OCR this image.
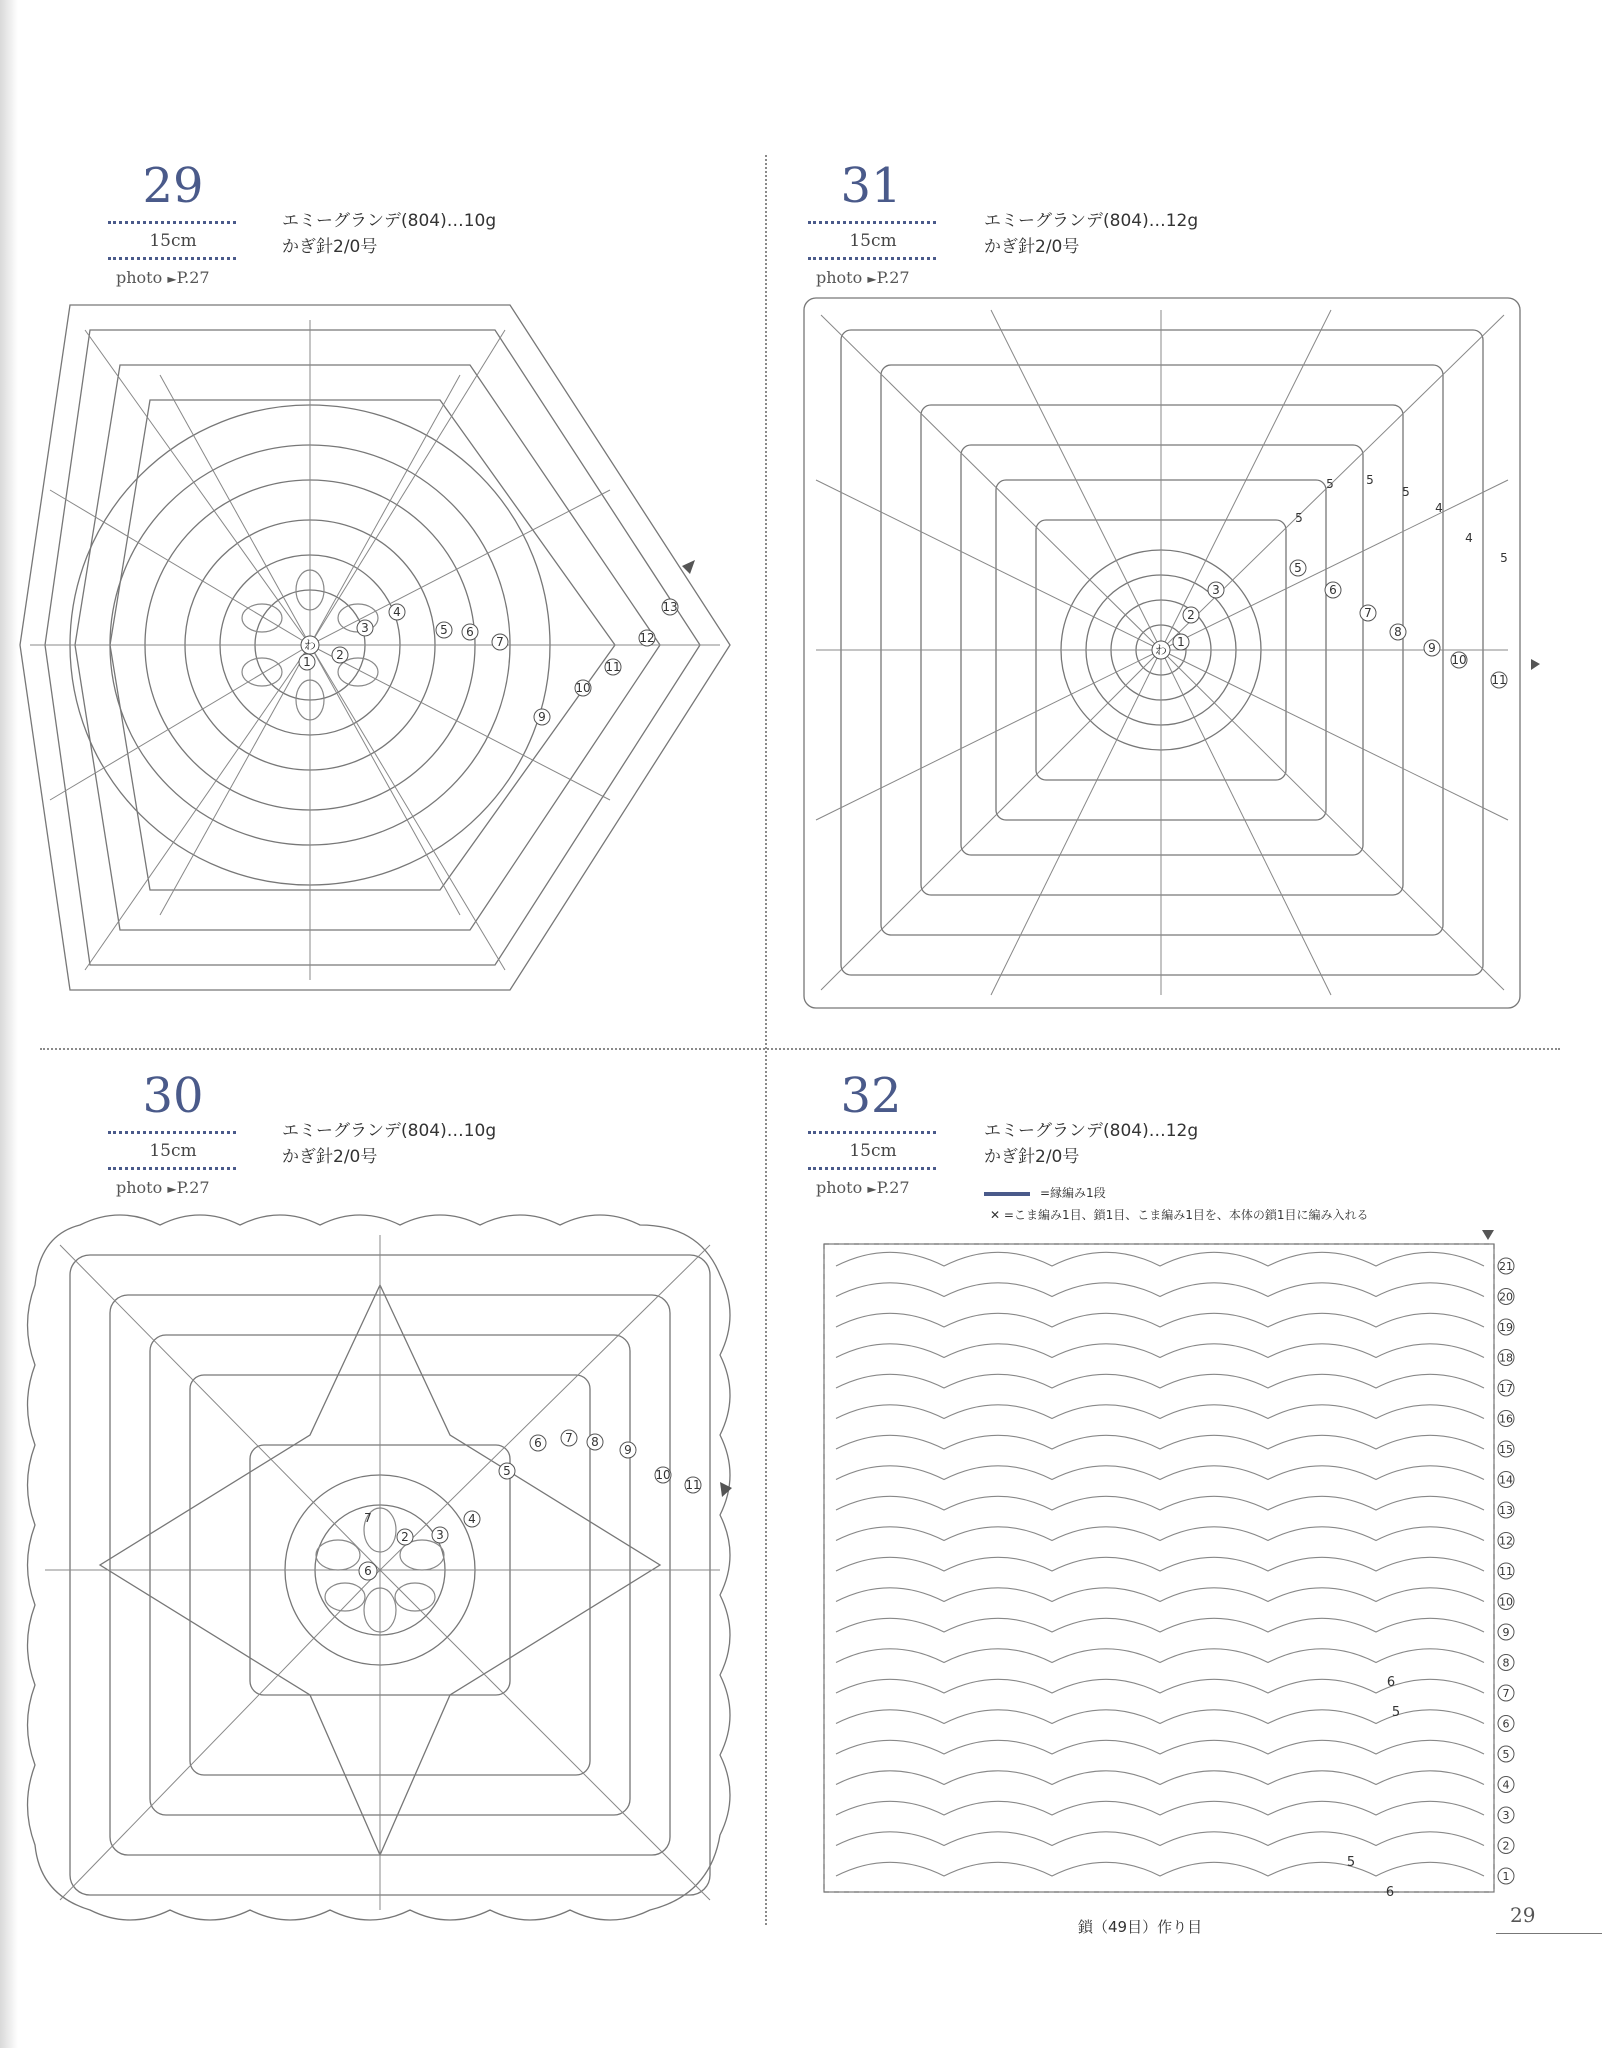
29
15cm
photo ►P.27
エミーグランデ(804)…10g
かぎ針2/0号
わ
1 2
3
4
5 6
7
9
10
11
12
13
31
15cm
photo ►P.27
エミーグランデ(804)…12g
かぎ針2/0号
わ
1
2
3
5
6
7
8
9
10
11
5	5
5
5
4
4
5
30
15cm
photo ►P.27
エミーグランデ(804)…10g
かぎ針2/0号
7
6
2 3
4
5
6 7 8
9
10
11
32
15cm
photo ►P.27
エミーグランデ(804)…12g
かぎ針2/0号
=縁編み1段
✕ =こま編み1目、鎖1目、こま編み1目を、本体の鎖1目に編み入れる
1
2
3
4
5
6
7
8
9
10
11
12
13
14
15
16
17
18
19
20
21
6
5
5
6
鎖（49目）作り目	29
